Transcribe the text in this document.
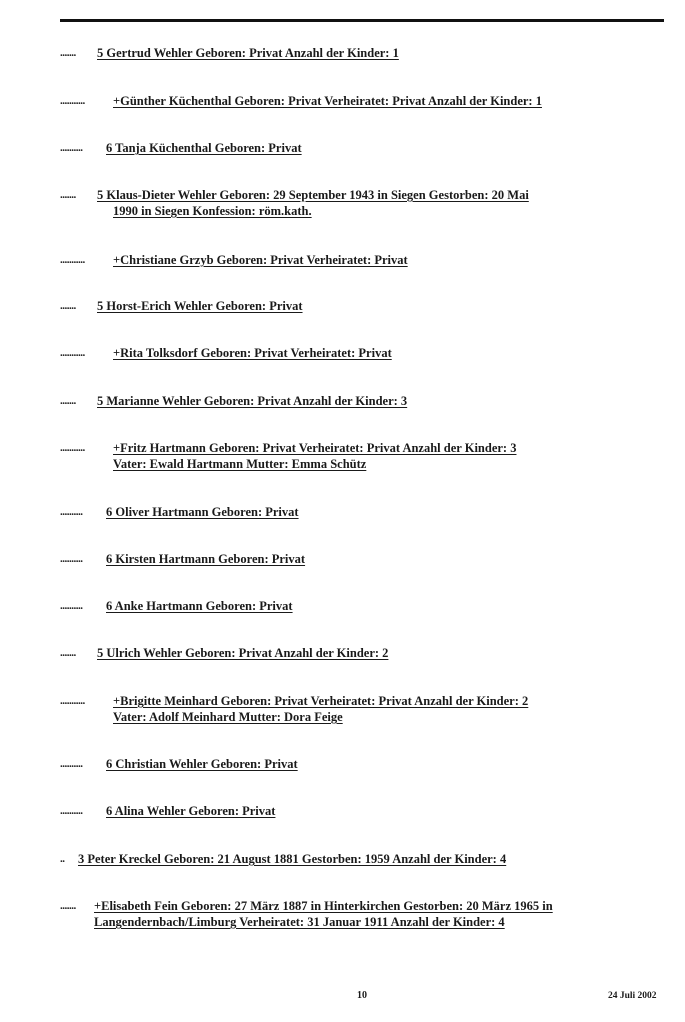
....... 5 Gertrud Wehler Geboren: Privat Anzahl der Kinder: 1
........... +Günther Küchenthal Geboren: Privat Verheiratet: Privat Anzahl der Kinder: 1
.......... 6 Tanja Küchenthal Geboren: Privat
....... 5 Klaus-Dieter Wehler Geboren: 29 September 1943 in Siegen Gestorben: 20 Mai
1990 in Siegen Konfession: röm.kath.
........... +Christiane Grzyb Geboren: Privat Verheiratet: Privat
....... 5 Horst-Erich Wehler Geboren: Privat
........... +Rita Tolksdorf Geboren: Privat Verheiratet: Privat
....... 5 Marianne Wehler Geboren: Privat Anzahl der Kinder: 3
........... +Fritz Hartmann Geboren: Privat Verheiratet: Privat Anzahl der Kinder: 3
Vater: Ewald Hartmann Mutter: Emma Schütz
.......... 6 Oliver Hartmann Geboren: Privat
.......... 6 Kirsten Hartmann Geboren: Privat
.......... 6 Anke Hartmann Geboren: Privat
....... 5 Ulrich Wehler Geboren: Privat Anzahl der Kinder: 2
........... +Brigitte Meinhard Geboren: Privat Verheiratet: Privat Anzahl der Kinder: 2
Vater: Adolf Meinhard Mutter: Dora Feige
.......... 6 Christian Wehler Geboren: Privat
.......... 6 Alina Wehler Geboren: Privat
.. 3 Peter Kreckel Geboren: 21 August 1881 Gestorben: 1959 Anzahl der Kinder: 4
....... +Elisabeth Fein Geboren: 27 März 1887 in Hinterkirchen Gestorben: 20 März 1965 in
Langendernbach/Limburg Verheiratet: 31 Januar 1911 Anzahl der Kinder: 4
10	24 Juli 2002
